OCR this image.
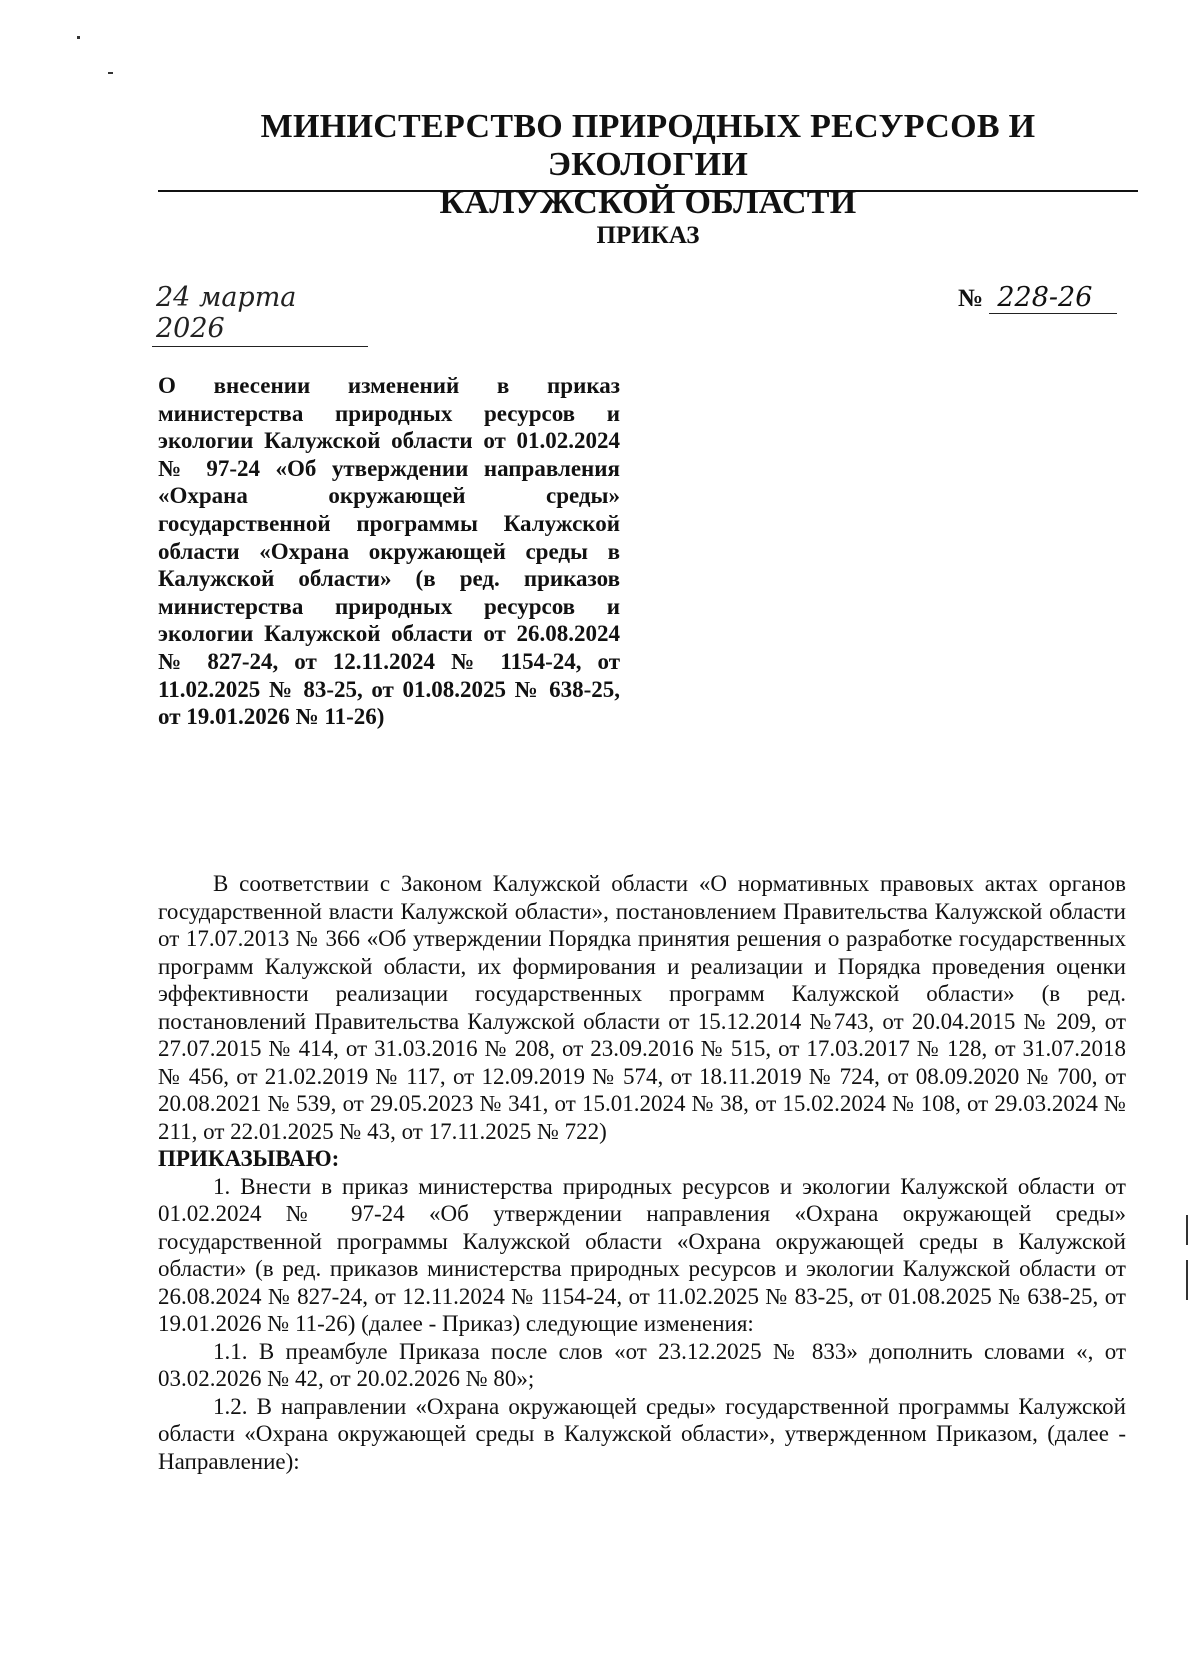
МИНИСТЕРСТВО ПРИРОДНЫХ РЕСУРСОВ И ЭКОЛОГИИ
КАЛУЖСКОЙ ОБЛАСТИ
ПРИКАЗ
24 марта 2026
№ 228-26
О внесении изменений в приказ министерства природных ресурсов и экологии Калужской области от 01.02.2024 № 97-24 «Об утверждении направления «Охрана окружающей среды» государственной программы Калужской области «Охрана окружающей среды в Калужской области» (в ред. приказов министерства природных ресурсов и экологии Калужской области от 26.08.2024 № 827-24, от 12.11.2024 № 1154-24, от 11.02.2025 № 83-25, от 01.08.2025 № 638-25, от 19.01.2026 № 11-26)

В соответствии с Законом Калужской области «О нормативных правовых актах органов государственной власти Калужской области», постановлением Правительства Калужской области от 17.07.2013 № 366 «Об утверждении Порядка принятия решения о разработке государственных программ Калужской области, их формирования и реализации и Порядка проведения оценки эффективности реализации государственных программ Калужской области» (в ред. постановлений Правительства Калужской области от 15.12.2014 №743, от 20.04.2015 № 209, от 27.07.2015 № 414, от 31.03.2016 № 208, от 23.09.2016 № 515, от 17.03.2017 № 128, от 31.07.2018 № 456, от 21.02.2019 № 117, от 12.09.2019 № 574, от 18.11.2019 № 724, от 08.09.2020 № 700, от 20.08.2021 № 539, от 29.05.2023 № 341, от 15.01.2024 № 38, от 15.02.2024 № 108, от 29.03.2024 № 211, от 22.01.2025 № 43, от 17.11.2025 № 722)

ПРИКАЗЫВАЮ:

1. Внести в приказ министерства природных ресурсов и экологии Калужской области от 01.02.2024 № 97-24 «Об утверждении направления «Охрана окружающей среды» государственной программы Калужской области «Охрана окружающей среды в Калужской области» (в ред. приказов министерства природных ресурсов и экологии Калужской области от 26.08.2024 № 827-24, от 12.11.2024 № 1154-24, от 11.02.2025 № 83-25, от 01.08.2025 № 638-25, от 19.01.2026 № 11-26) (далее - Приказ) следующие изменения:

1.1. В преамбуле Приказа после слов «от 23.12.2025 № 833» дополнить словами «, от 03.02.2026 № 42, от 20.02.2026 № 80»;

1.2. В направлении «Охрана окружающей среды» государственной программы Калужской области «Охрана окружающей среды в Калужской области», утвержденном Приказом, (далее - Направление):
